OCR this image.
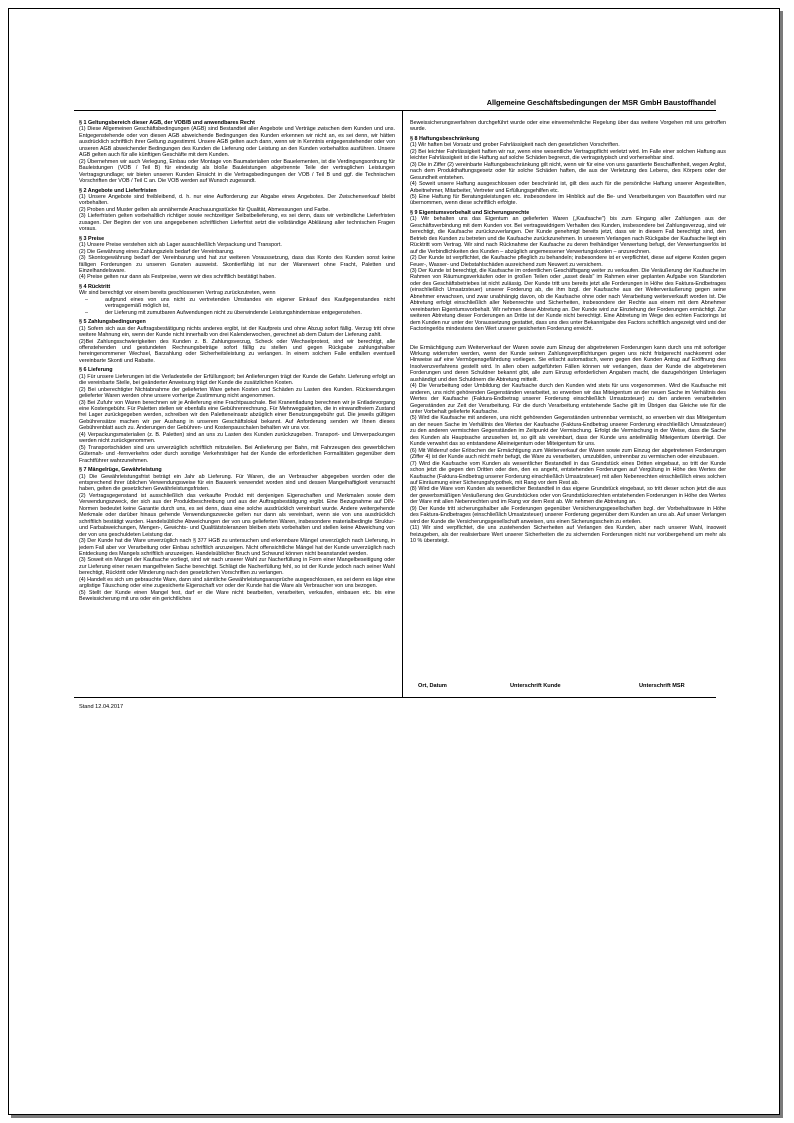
Allgemeine Geschäftsbedingungen der MSR GmbH Baustoffhandel
§ 1 Geltungsbereich dieser AGB, der VOB/B und anwendbares Recht
(1) Diese Allgemeinen Geschäftsbedingungen (AGB) sind Bestandteil aller Angebote und Verträge zwischen dem Kunden und uns. Entgegenstehende oder von diesen AGB abweichende Bedingungen des Kunden erkennen wir nicht an, es sei denn, wir hätten ausdrücklich schriftlich ihrer Geltung zugestimmt. Unsere AGB gelten auch dann, wenn wir in Kenntnis entgegenstehender oder von unseren AGB abweichender Bedingungen des Kunden die Lieferung oder Leistung an den Kunden vorbehaltlos ausführen. Unsere AGB gelten auch für alle künftigen Geschäfte mit dem Kunden.
(2) Übernehmen wir auch Verlegung, Einbau oder Montage von Baumaterialien oder Bauelementen, ist die Verdingungsordnung für Bauleistungen (VOB / Teil B) für eindeutig als bloße Bauleistungen abgetrennte Teile der vertraglichen Leistungen Vertragsgrundlage; wir bieten unseren Kunden Einsicht in die Vertragsbedingungen der VOB / Teil B und ggf. die Technischen Vorschriften der VOB / Teil C an. Die VOB werden auf Wunsch zugesandt.
§ 2 Angebote und Lieferfristen
(1) Unsere Angebote sind freibleibend, d. h. nur eine Aufforderung zur Abgabe eines Angebotes. Der Zwischenverkauf bleibt vorbehalten.
(2) Proben und Muster gelten als annähernde Anschauungsstücke für Qualität, Abmessungen und Farbe.
(3) Lieferfristen gelten vorbehaltlich richtiger sowie rechtzeitiger Selbstbelieferung, es sei denn, dass wir verbindliche Lieferfristen zusagen. Der Beginn der von uns angegebenen schriftlichen Lieferfrist setzt die vollständige Abklärung aller technischen Fragen voraus.
§ 3 Preise
(1) Unsere Preise verstehen sich ab Lager ausschließlich Verpackung und Transport.
(2) Die Gewährung eines Zahlungsziels bedarf der Vereinbarung.
(3) Skontogewährung bedarf der Vereinbarung und hat zur weiteren Voraussetzung, dass das Konto des Kunden sonst keine fälligen Forderungen zu unseren Gunsten ausweist. Skontierfähig ist nur der Warenwert ohne Fracht, Paletten und Einzelhandelsware.
(4) Preise gelten nur dann als Festpreise, wenn wir dies schriftlich bestätigt haben.
§ 4 Rücktritt
Wir sind berechtigt vor einem bereits geschlossenen Vertrag zurückzutreten, wenn
–	aufgrund eines von uns nicht zu vertretenden Umstandes ein eigener Einkauf des Kaufgegenstandes nicht vertragsgemäß möglich ist,
–	der Lieferung mit zumutbaren Aufwendungen nicht zu überwindende Leistungshindernisse entgegenstehen.
§ 5 Zahlungsbedingungen
(1) Sofern sich aus der Auftragsbestätigung nichts anderes ergibt, ist der Kaufpreis und ohne Abzug sofort fällig. Verzug tritt ohne weitere Mahnung ein, wenn der Kunde nicht innerhalb von drei Kalenderwochen, gerechnet ab dem Datum der Lieferung zahlt.
(2)Bei Zahlungsschwierigkeiten des Kunden z. B. Zahlungsverzug, Scheck oder Wechselprotest, sind wir berechtigt, alle offenstehenden und gestundeten Rechnungsbeträge sofort fällig zu stellen und gegen Rückgabe zahlungshalber hereingenommener Wechsel, Barzahlung oder Sicherheitsleistung zu verlangen. In einem solchen Falle entfallen eventuell vereinbarte Skonti und Rabatte.
§ 6 Lieferung
(1) Für unsere Lieferungen ist die Verladestelle der Erfüllungsort; bei Anlieferungen trägt der Kunde die Gefahr. Lieferung erfolgt an die vereinbarte Stelle, bei geänderter Anweisung trägt der Kunde die zusätzlichen Kosten.
(2) Bei unberechtigter Nichtabnahme der gelieferten Ware gehen Kosten und Schäden zu Lasten des Kunden. Rücksendungen gelieferter Waren werden ohne unsere vorherige Zustimmung nicht angenommen.
(3) Bei Zufuhr von Waren berechnen wir je Anlieferung eine Frachtpauschale. Bei Kranentladung berechnen wir je Entladevorgang eine Kostengebühr. Für Paletten stellen wir ebenfalls eine Gebührenrechnung. Für Mehrwegpaletten, die in einwandfreiem Zustand frei Lager zurückgegeben werden, schreiben wir den Paletteneinsatz abzüglich einer Benutzungsgebühr gut. Die jeweils gültigen Gebührensätze machen wir per Aushang in unserem Geschäftslokal bekannt. Auf Anforderung senden wir Ihnen dieses Gebührenblatt auch zu. Änderungen der Gebühren- und Kostenpauschalen behalten wir uns vor.
(4) Verpackungsmaterialien (z. B. Paletten) sind an uns zu Lasten des Kunden zurückzugeben. Transport- und Umverpackungen werden nicht zurückgenommen.
(5) Transportschäden sind uns unverzüglich schriftlich mitzuteilen. Bei Anlieferung per Bahn, mit Fahrzeugen des gewerblichen Güternah- und -fernverkehrs oder durch sonstige Verkehrsträger hat der Kunde die erforderlichen Formalitäten gegenüber dem Frachtführer wahrzunehmen.
§ 7 Mängelrüge, Gewährleistung
(1) Die Gewährleistungsfrist beträgt ein Jahr ab Lieferung. Für Waren, die an Verbraucher abgegeben worden oder die entsprechend ihrer üblichen Verwendungsweise für ein Bauwerk verwendet worden sind und dessen Mangelhaftigkeit verursacht haben, gelten die gesetzlichen Gewährleistungsfristen.
(2) Vertragsgegenstand ist ausschließlich das verkaufte Produkt mit denjenigen Eigenschaften und Merkmalen sowie dem Verwendungszweck, der sich aus der Produktbeschreibung und aus der Auftragsbestätigung ergibt. Eine Bezugnahme auf DIN-Normen bedeutet keine Garantie durch uns, es sei denn, dass eine solche ausdrücklich vereinbart wurde. Andere weitergehende Merkmale oder darüber hinaus gehende Verwendungszwecke gelten nur dann als vereinbart, wenn sie von uns ausdrücklich schriftlich bestätigt wurden. Handelsübliche Abweichungen der von uns gelieferten Waren, insbesondere materialbedingte Struktur- und Farbabweichungen, Mengen-, Gewichts- und Qualitätstoleranzen bleiben stets vorbehalten und stellen keine Abweichung von der von uns geschuldeten Leistung dar.
(3) Der Kunde hat die Ware unverzüglich nach § 377 HGB zu untersuchen und erkennbare Mängel unverzüglich nach Lieferung, in jedem Fall aber vor Verarbeitung oder Einbau schriftlich anzuzeigen. Nicht offensichtliche Mängel hat der Kunde unverzüglich nach Entdeckung des Mangels schriftlich anzuzeigen. Handelsüblicher Bruch und Schwund können nicht beanstandet werden.
(3) Soweit ein Mangel der Kaufsache vorliegt, sind wir nach unserer Wahl zur Nacherfüllung in Form einer Mangelbeseitigung oder zur Lieferung einer neuen mangelfreien Sache berechtigt. Schlägt die Nacherfüllung fehl, so ist der Kunde jedoch nach seiner Wahl berechtigt, Rücktritt oder Minderung nach den gesetzlichen Vorschriften zu verlangen.
(4) Handelt es sich um gebrauchte Ware, dann sind sämtliche Gewährleistungsansprüche ausgeschlossen, es sei denn es läge eine arglistige Täuschung oder eine zugesicherte Eigenschaft vor oder der Kunde hat die Ware als Verbraucher von uns bezogen.
(5) Stellt der Kunde einen Mangel fest, darf er die Ware nicht bearbeiten, verarbeiten, verkaufen, einbauen etc. bis eine Beweissicherung mit uns oder ein gerichtliches
Beweissicherungsverfahren durchgeführt wurde oder eine einvernehmliche Regelung über das weitere Vorgehen mit uns getroffen wurde.
§ 8 Haftungsbeschränkung
(1) Wir haften bei Vorsatz und grober Fahrlässigkeit nach den gesetzlichen Vorschriften.
(2) Bei leichter Fahrlässigkeit haften wir nur, wenn eine wesentliche Vertragspflicht verletzt wird. Im Falle einer solchen Haftung aus leichter Fahrlässigkeit ist die Haftung auf solche Schäden begrenzt, die vertragstypisch und vorhersehbar sind.
(3) Die in Ziffer (2) vereinbarte Haftungsbeschränkung gilt nicht, wenn wir für eine von uns garantierte Beschaffenheit, wegen Arglist, nach dem Produkthaftungsgesetz oder für solche Schäden haften, die aus der Verletzung des Lebens, des Körpers oder der Gesundheit entstehen.
(4) Soweit unsere Haftung ausgeschlossen oder beschränkt ist, gilt dies auch für die persönliche Haftung unserer Angestellten, Arbeitnehmer, Mitarbeiter, Vertreter und Erfüllungsgehilfen etc.
(5) Eine Haftung für Beratungsleistungen etc. insbesondere im Hinblick auf die Be- und Verarbeitungen von Baustoffen wird nur übernommen, wenn diese schriftlich erfolgte.
§ 9 Eigentumsvorbehalt und Sicherungsrechte
(1) Wir behalten uns das Eigentum an gelieferten Waren („Kaufsache") bis zum Eingang aller Zahlungen aus der Geschäftsverbindung mit dem Kunden vor. Bei vertragswidrigem Verhalten des Kunden, insbesondere bei Zahlungsverzug, sind wir berechtigt, die Kaufsache zurückzuverlangen. Der Kunde genehmigt bereits jetzt, dass wir in diesem Fall berechtigt sind, den Betrieb des Kunden zu betreten und die Kaufsache zurückzunehmen. In unserem Verlangen nach Rückgabe der Kaufsache liegt ein Rücktritt vom Vertrag. Wir sind nach Rücknahme der Kaufsache zu deren freihändiger Verwertung befugt, der Verwertungserlös ist auf die Verbindlichkeiten des Kunden – abzüglich angemessener Verwertungskosten – anzurechnen.
(2) Der Kunde ist verpflichtet, die Kaufsache pfleglich zu behandeln; insbesondere ist er verpflichtet, diese auf eigene Kosten gegen Feuer-, Wasser- und Diebstahlschäden ausreichend zum Neuwert zu versichern.
(3) Der Kunde ist berechtigt, die Kaufsache im ordentlichen Geschäftsgang weiter zu verkaufen. Die Veräußerung der Kaufsache im Rahmen von Räumungsverkäufen oder in großen Teilen oder „asset deals" im Rahmen einer geplanten Aufgabe von Standorten oder des Geschäftsbetriebes ist nicht zulässig. Der Kunde tritt uns bereits jetzt alle Forderungen in Höhe des Faktura-Endbetrages (einschließlich Umsatzsteuer) unserer Forderung ab, die ihm bzgl. der Kaufsache aus der Weiterveräußerung gegen seine Abnehmer erwachsen, und zwar unabhängig davon, ob die Kaufsache ohne oder nach Verarbeitung weiterverkauft worden ist. Die Abtretung erfolgt einschließlich aller Nebenrechte und Sicherheiten, insbesondere der Rechte aus einem mit dem Abnehmer vereinbarten Eigentumsvorbehalt. Wir nehmen diese Abtretung an. Der Kunde wird zur Einziehung der Forderungen ermächtigt. Zur weiteren Abtretung dieser Forderungen an Dritte ist der Kunde nicht berechtigt. Eine Abtretung im Wege des echten Factorings ist dem Kunden nur unter der Voraussetzung gestattet, dass uns dies unter Bekanntgabe des Factors schriftlich angezeigt wird und der Factoringerlös mindestens den Wert unserer gesicherten Forderung erreicht.
Die Ermächtigung zum Weiterverkauf der Waren sowie zum Einzug der abgetretenen Forderungen kann durch uns mit sofortiger Wirkung widerrufen werden, wenn der Kunde seinen Zahlungsverpflichtungen gegen uns nicht fristgerecht nachkommt oder Hinweise auf eine Vermögensgefährdung vorliegen. Sie erlischt automatisch, wenn gegen den Kunden Antrag auf Eröffnung des Insolvenzverfahrens gestellt wird. In allen oben aufgeführten Fällen können wir verlangen, dass der Kunde die abgetretenen Forderungen und deren Schuldner bekannt gibt, alle zum Einzug erforderlichen Angaben macht, die dazugehörigen Unterlagen aushändigt und den Schuldnern die Abtretung mitteilt.
(4) Die Verarbeitung oder Umbildung der Kaufsache durch den Kunden wird stets für uns vorgenommen. Wird die Kaufsache mit anderen, uns nicht gehörenden Gegenständen verarbeitet, so erwerben wir das Miteigentum an der neuen Sache im Verhältnis des Wertes der Kaufsache (Faktura-Endbetrag unserer Forderung einschließlich Umsatzsteuer) zu den anderen verarbeiteten Gegenständen zur Zeit der Verarbeitung. Für die durch Verarbeitung entstehende Sache gilt im Übrigen das Gleiche wie für die unter Vorbehalt gelieferte Kaufsache.
(5) Wird die Kaufsache mit anderen, uns nicht gehörenden Gegenständen untrennbar vermischt, so erwerben wir das Miteigentum an der neuen Sache im Verhältnis des Wertes der Kaufsache (Faktura-Endbetrag unserer Forderung einschließlich Umsatzsteuer) zu den anderen vermischten Gegenständen im Zeitpunkt der Vermischung. Erfolgt die Vermischung in der Weise, dass die Sache des Kunden als Hauptsache anzusehen ist, so gilt als vereinbart, dass der Kunde uns anteilmäßig Miteigentum überträgt. Der Kunde verwahrt das so entstandene Alleineigentum oder Miteigentum für uns.
(6) Mit Widerruf oder Erlöschen der Ermächtigung zum Weiterverkauf der Waren sowie zum Einzug der abgetretenen Forderungen (Ziffer 4) ist der Kunde auch nicht mehr befugt, die Ware zu verarbeiten, umzubilden, untrennbar zu vermischen oder einzubauen.
(7) Wird die Kaufsache vom Kunden als wesentlicher Bestandteil in das Grundstück eines Dritten eingebaut, so tritt der Kunde schon jetzt die gegen den Dritten oder den, den es angeht, entstehenden Forderungen auf Vergütung in Höhe des Wertes der Kaufsache (Faktura-Endbetrag unserer Forderung einschließlich Umsatzsteuer) mit allen Nebenrechten einschließlich eines solchen auf Einräumung einer Sicherungshypothek, mit Rang vor dem Rest ab.
(8) Wird die Ware vom Kunden als wesentlicher Bestandteil in das eigene Grundstück eingebaut, so tritt dieser schon jetzt die aus der gewerbsmäßigen Veräußerung des Grundstückes oder von Grundstücksrechten entstehenden Forderungen in Höhe des Wertes der Ware mit allen Nebenrechten und im Rang vor dem Rest ab. Wir nehmen die Abtretung an.
(9) Der Kunde tritt sicherungshalber alle Forderungen gegenüber Versicherungsgesellschaften bzgl. der Vorbehaltsware in Höhe des Faktura-Endbetrages (einschließlich Umsatzsteuer) unserer Forderung gegenüber dem Kunden an uns ab. Auf unser Verlangen wird der Kunde die Versicherungsgesellschaft anweisen, uns einen Sicherungsschein zu erteilen.
(11) Wir sind verpflichtet, die uns zustehenden Sicherheiten auf Verlangen des Kunden, aber nach unserer Wahl, insoweit freizugeben, als der realisierbare Wert unserer Sicherheiten die zu sichernden Forderungen nicht nur vorübergehend um mehr als 10 % übersteigt.
Ort, Datum	Unterschrift Kunde	Unterschrift MSR
Stand 12.04.2017
